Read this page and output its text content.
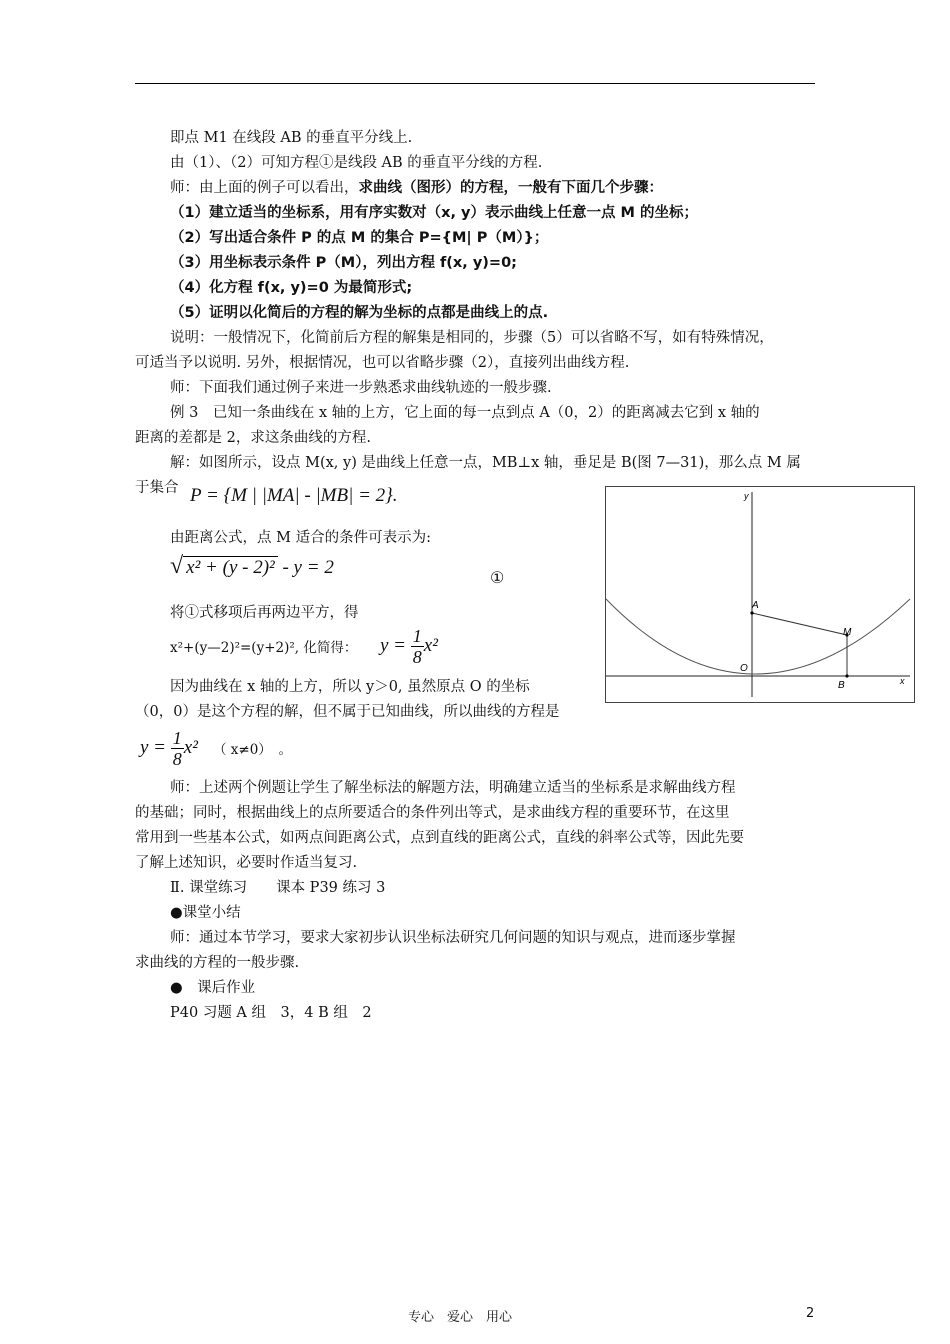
即点 M1 在线段 AB 的垂直平分线上.
由（1）、（2）可知方程①是线段 AB 的垂直平分线的方程.
师：由上面的例子可以看出，求曲线（图形）的方程，一般有下面几个步骤：
（1）建立适当的坐标系，用有序实数对（x, y）表示曲线上任意一点 M 的坐标；
（2）写出适合条件 P 的点 M 的集合 P={M| P（M）}；
（3）用坐标表示条件 P（M），列出方程 f(x, y)=0;
（4）化方程 f(x, y)=0 为最简形式;
（5）证明以化简后的方程的解为坐标的点都是曲线上的点.
说明：一般情况下，化简前后方程的解集是相同的，步骤（5）可以省略不写，如有特殊情况，
可适当予以说明. 另外，根据情况，也可以省略步骤（2），直接列出曲线方程.
师：下面我们通过例子来进一步熟悉求曲线轨迹的一般步骤.
例 3　已知一条曲线在 x 轴的上方，它上面的每一点到点 A（0，2）的距离减去它到 x 轴的
距离的差都是 2，求这条曲线的方程.
解：如图所示，设点 M(x, y) 是曲线上任意一点，MB⊥x 轴，垂足是 B(图 7—31)，那么点 M 属
于集合 P = {M | |MA| - |MB| = 2}.
由距离公式，点 M 适合的条件可表示为:
√ x² + (y - 2)² - y = 2	①
将①式移项后再两边平方，得
x²+(y—2)²=(y+2)², 化简得： $y = \frac{1}{8} x^2$
因为曲线在 x 轴的上方，所以 y＞0, 虽然原点 O 的坐标
（0，0）是这个方程的解，但不属于已知曲线，所以曲线的方程是
$y = \frac{1}{8} x^2$ （ x≠0）　。
师：上述两个例题让学生了解坐标法的解题方法，明确建立适当的坐标系是求解曲线方程
的基础；同时，根据曲线上的点所要适合的条件列出等式，是求曲线方程的重要环节，在这里
常用到一些基本公式，如两点间距离公式，点到直线的距离公式，直线的斜率公式等，因此先要
了解上述知识，必要时作适当复习.
Ⅱ. 课堂练习　　课本 P39 练习 3
●课堂小结
师：通过本节学习，要求大家初步认识坐标法研究几何问题的知识与观点，进而逐步掌握
求曲线的方程的一般步骤.
●　课后作业
P40 习题 A 组　3，4 B 组　2
y
x
A
M
O
B
专心　爱心　用心	2
